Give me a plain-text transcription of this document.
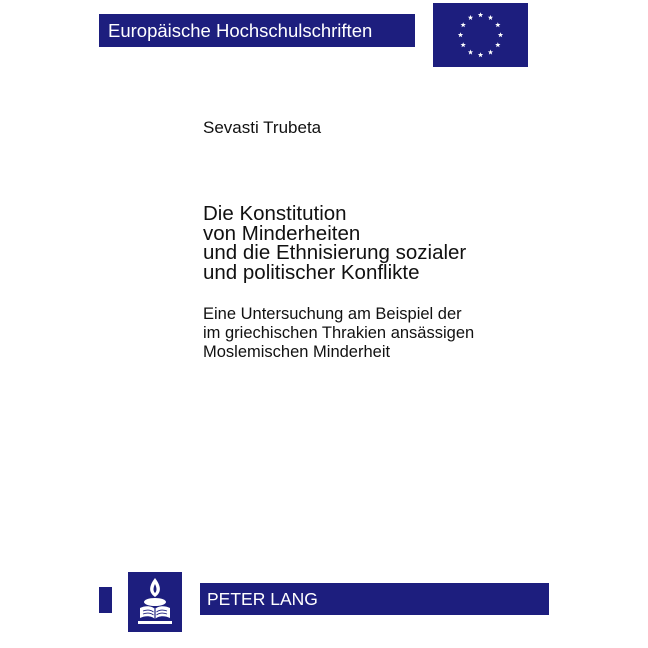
Europäische Hochschulschriften
Sevasti Trubeta
Die Konstitution
von Minderheiten
und die Ethnisierung sozialer
und politischer Konflikte

Eine Untersuchung am Beispiel der
im griechischen Thrakien ansässigen
Moslemischen Minderheit

PETER LANG
